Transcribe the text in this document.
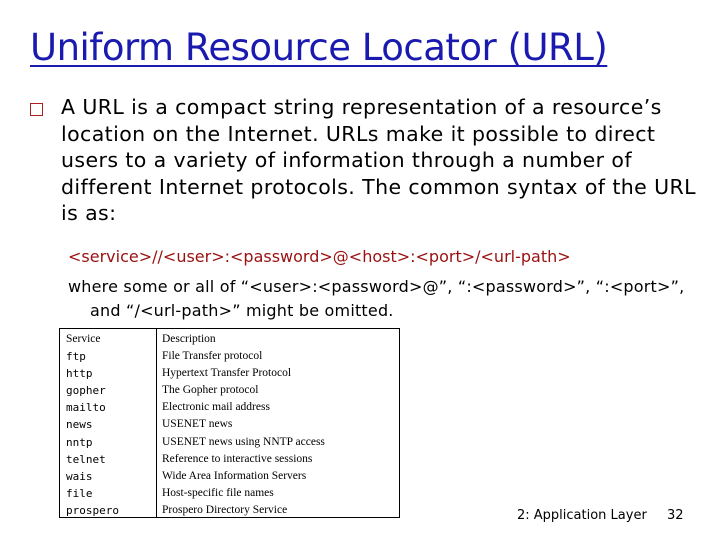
Uniform Resource Locator (URL)
A URL is a compact string representation of a resource’s location on the Internet. URLs make it possible to direct users to a variety of information through a number of different Internet protocols. The common syntax of the URL is as:
<service>//<user>:<password>@<host>:<port>/<url-path>
where some or all of “<user>:<password>@”, “:<password>”, “:<port>”,
and “/<url-path>” might be omitted.
Service
ftp
http
gopher
mailto
news
nntp
telnet
wais
file
prospero
Description
File Transfer protocol
Hypertext Transfer Protocol
The Gopher protocol
Electronic mail address
USENET news
USENET news using NNTP access
Reference to interactive sessions
Wide Area Information Servers
Host-specific file names
Prospero Directory Service	2: Application Layer 32
